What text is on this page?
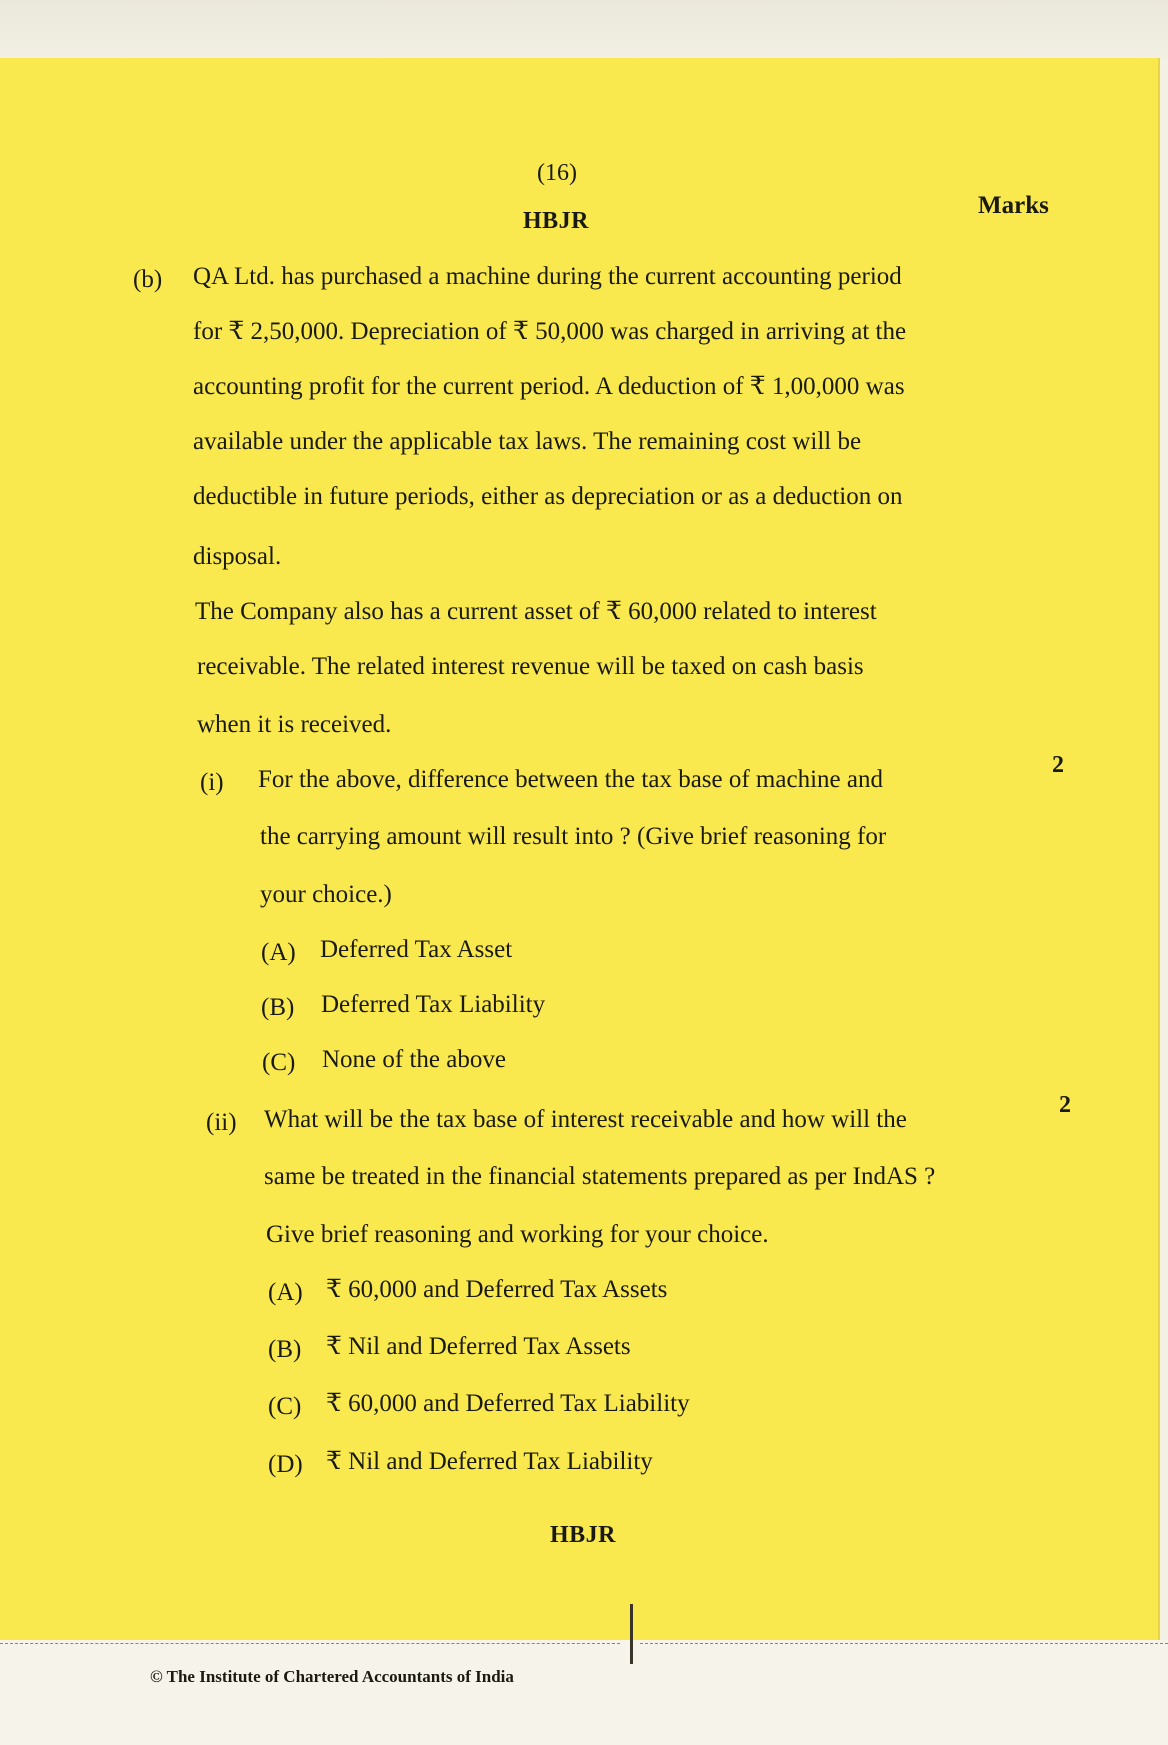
(16)
HBJR
Marks
(b) QA Ltd. has purchased a machine during the current accounting period
for ₹ 2,50,000. Depreciation of ₹ 50,000 was charged in arriving at the
accounting profit for the current period. A deduction of ₹ 1,00,000 was
available under the applicable tax laws. The remaining cost will be
deductible in future periods, either as depreciation or as a deduction on
disposal.
The Company also has a current asset of ₹ 60,000 related to interest
receivable. The related interest revenue will be taxed on cash basis
when it is received.
(i) For the above, difference between the tax base of machine and
2
the carrying amount will result into ? (Give brief reasoning for
your choice.)
(A) Deferred Tax Asset
(B) Deferred Tax Liability
(C) None of the above
(ii) What will be the tax base of interest receivable and how will the
2
same be treated in the financial statements prepared as per IndAS ?
Give brief reasoning and working for your choice.
(A) ₹ 60,000 and Deferred Tax Assets
(B) ₹ Nil and Deferred Tax Assets
(C) ₹ 60,000 and Deferred Tax Liability
(D) ₹ Nil and Deferred Tax Liability
HBJR
© The Institute of Chartered Accountants of India
